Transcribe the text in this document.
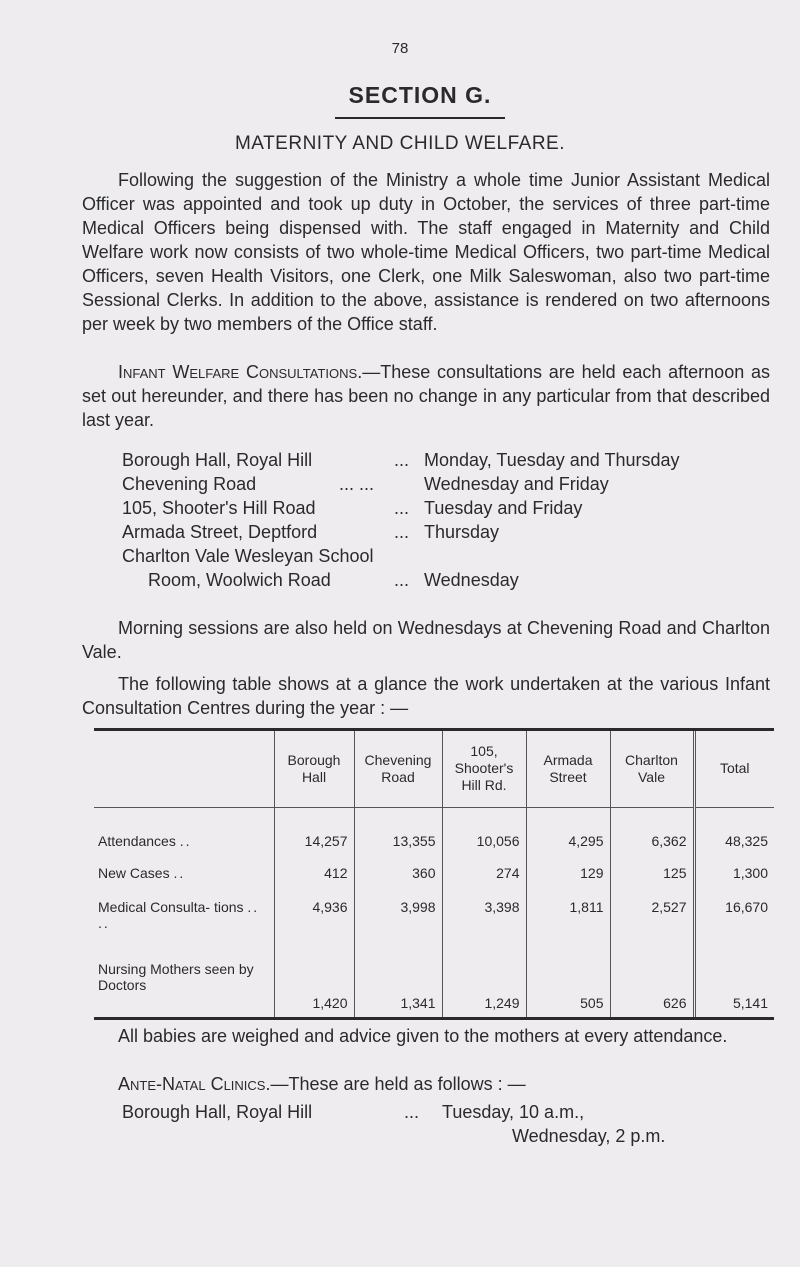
78
SECTION G.
MATERNITY AND CHILD WELFARE.

Following the suggestion of the Ministry a whole time Junior Assistant Medical Officer was appointed and took up duty in October, the services of three part-time Medical Officers being dispensed with. The staff engaged in Maternity and Child Welfare work now consists of two whole-time Medical Officers, two part-time Medical Officers, seven Health Visitors, one Clerk, one Milk Saleswoman, also two part-time Sessional Clerks. In addition to the above, assistance is rendered on two afternoons per week by two members of the Office staff.

Infant Welfare Consultations.—These consultations are held each afternoon as set out hereunder, and there has been no change in any particular from that described last year.

Borough Hall, Royal Hill	... Monday, Tuesday and Thursday
Chevening Road	... ...	Wednesday and Friday
105, Shooter's Hill Road	... Tuesday and Friday
Armada Street, Deptford	... Thursday
Charlton Vale Wesleyan School
Room, Woolwich Road	... Wednesday

Morning sessions are also held on Wednesdays at Chevening Road and Charlton Vale.

The following table shows at a glance the work undertaken at the various Infant Consultation Centres during the year : —

	Borough Hall	Chevening Road	105, Shooter's Hill Rd.	Armada Street	Charlton Vale	Total
Attendances ..	14,257	13,355	10,056	4,295	6,362	48,325
New Cases ..	412	360	274	129	125	1,300
Medical Consulta- tions .. ..	4,936	3,998	3,398	1,811	2,527	16,670
Nursing Mothers seen by Doctors	1,420	1,341	1,249	505	626	5,141

All babies are weighed and advice given to the mothers at every attendance.

Ante-Natal Clinics.—These are held as follows : —

Borough Hall, Royal Hill	... Tuesday, 10 a.m.,
Wednesday, 2 p.m.
